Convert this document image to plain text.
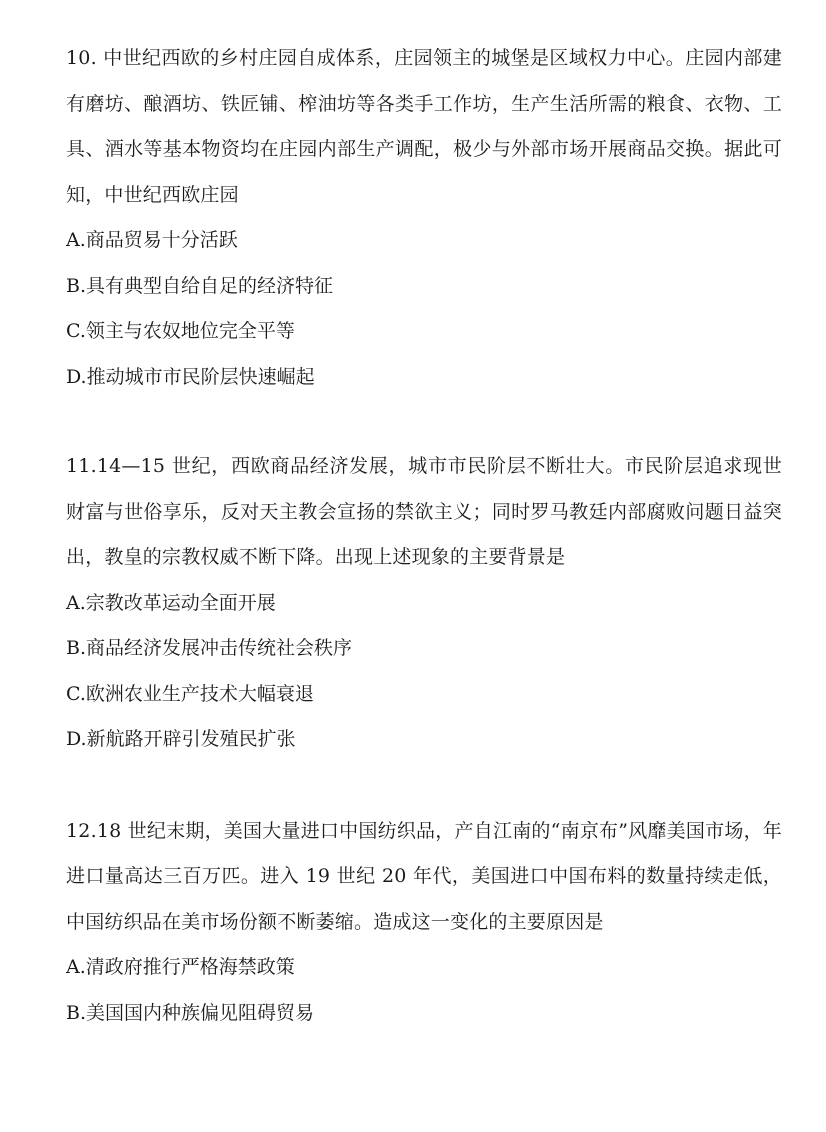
10. 中世纪西欧的乡村庄园自成体系，庄园领主的城堡是区域权力中心。庄园内部建有磨坊、酿酒坊、铁匠铺、榨油坊等各类手工作坊，生产生活所需的粮食、衣物、工具、酒水等基本物资均在庄园内部生产调配，极少与外部市场开展商品交换。据此可知，中世纪西欧庄园

A.商品贸易十分活跃

B.具有典型自给自足的经济特征

C.领主与农奴地位完全平等

D.推动城市市民阶层快速崛起

11.14—15 世纪，西欧商品经济发展，城市市民阶层不断壮大。市民阶层追求现世财富与世俗享乐，反对天主教会宣扬的禁欲主义；同时罗马教廷内部腐败问题日益突出，教皇的宗教权威不断下降。出现上述现象的主要背景是

A.宗教改革运动全面开展

B.商品经济发展冲击传统社会秩序

C.欧洲农业生产技术大幅衰退

D.新航路开辟引发殖民扩张

12.18 世纪末期，美国大量进口中国纺织品，产自江南的“南京布”风靡美国市场，年进口量高达三百万匹。进入 19 世纪 20 年代，美国进口中国布料的数量持续走低，中国纺织品在美市场份额不断萎缩。造成这一变化的主要原因是

A.清政府推行严格海禁政策

B.美国国内种族偏见阻碍贸易
